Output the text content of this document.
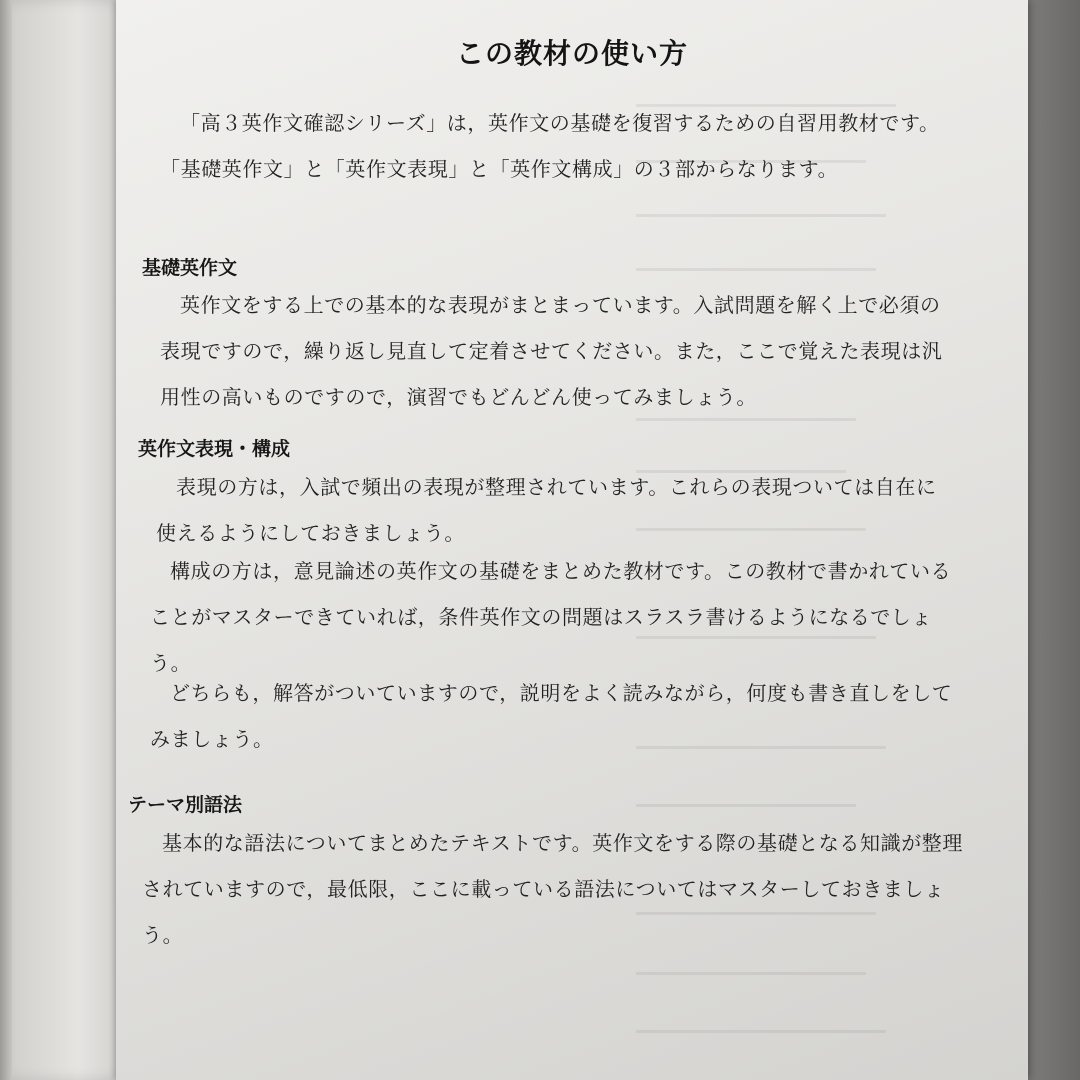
この教材の使い方

「高３英作文確認シリーズ」は，英作文の基礎を復習するための自習用教材です。「基礎英作文」と「英作文表現」と「英作文構成」の３部からなります。

基礎英作文

英作文をする上での基本的な表現がまとまっています。入試問題を解く上で必須の表現ですので，繰り返し見直して定着させてください。また，ここで覚えた表現は汎用性の高いものですので，演習でもどんどん使ってみましょう。

英作文表現・構成

表現の方は，入試で頻出の表現が整理されています。これらの表現ついては自在に使えるようにしておきましょう。

構成の方は，意見論述の英作文の基礎をまとめた教材です。この教材で書かれていることがマスターできていれば，条件英作文の問題はスラスラ書けるようになるでしょう。

どちらも，解答がついていますので，説明をよく読みながら，何度も書き直しをしてみましょう。

テーマ別語法

基本的な語法についてまとめたテキストです。英作文をする際の基礎となる知識が整理されていますので，最低限，ここに載っている語法についてはマスターしておきましょう。
